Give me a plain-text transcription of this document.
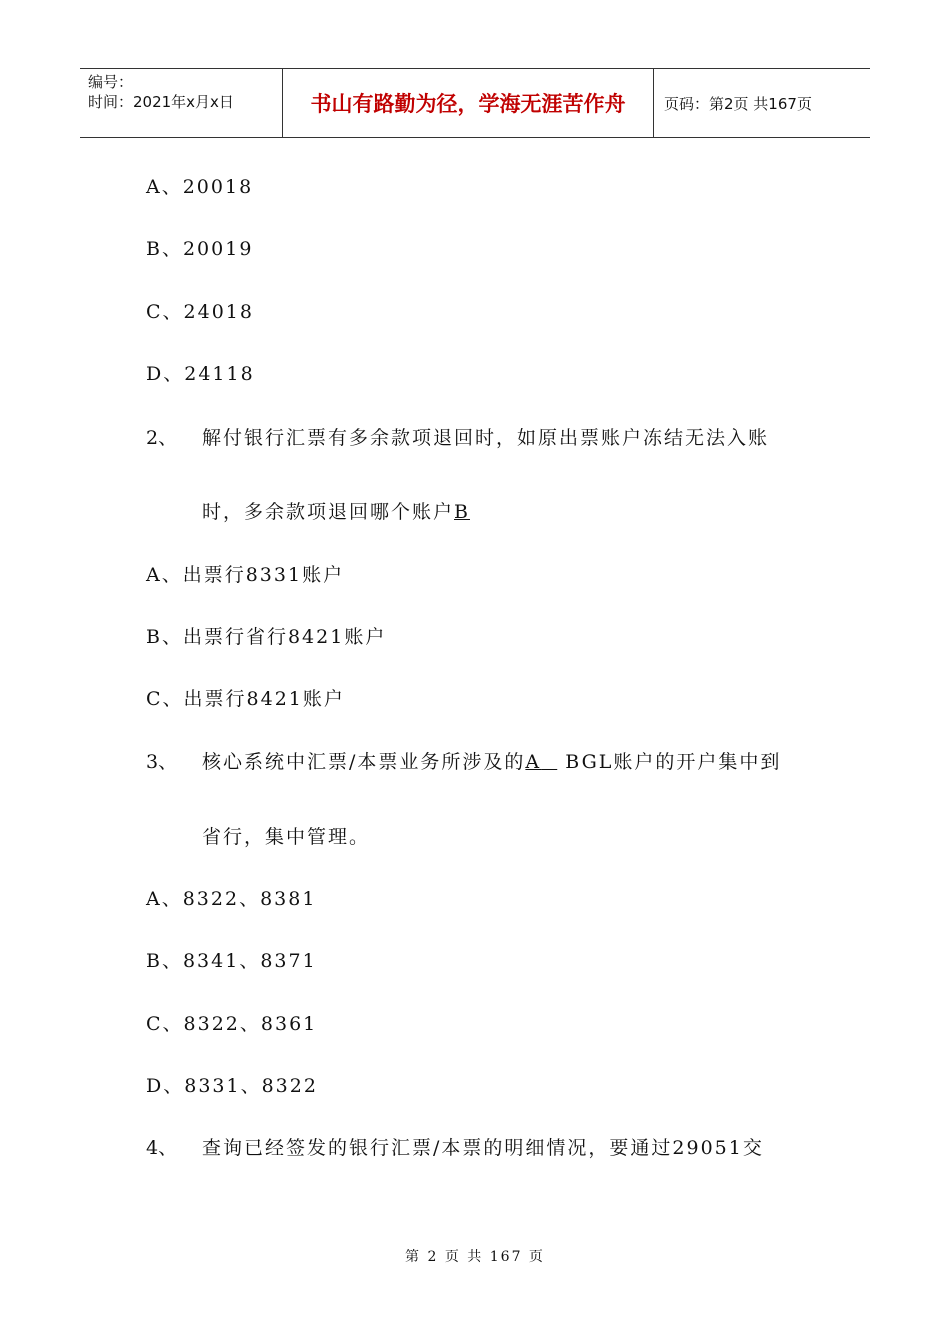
编号：
时间：2021年x月x日	书山有路勤为径，学海无涯苦作舟	页码：第2页 共167页
A、20018
B、20019
C、24018
D、24118
2、 解付银行汇票有多余款项退回时，如原出票账户冻结无法入账
时，多余款项退回哪个账户B
A、出票行8331账户
B、出票行省行8421账户
C、出票行8421账户
3、 核心系统中汇票/本票业务所涉及的A BGL账户的开户集中到
省行，集中管理。
A、8322、8381
B、8341、8371
C、8322、8361
D、8331、8322
4、 查询已经签发的银行汇票/本票的明细情况，要通过29051交
第 2 页 共 167 页
